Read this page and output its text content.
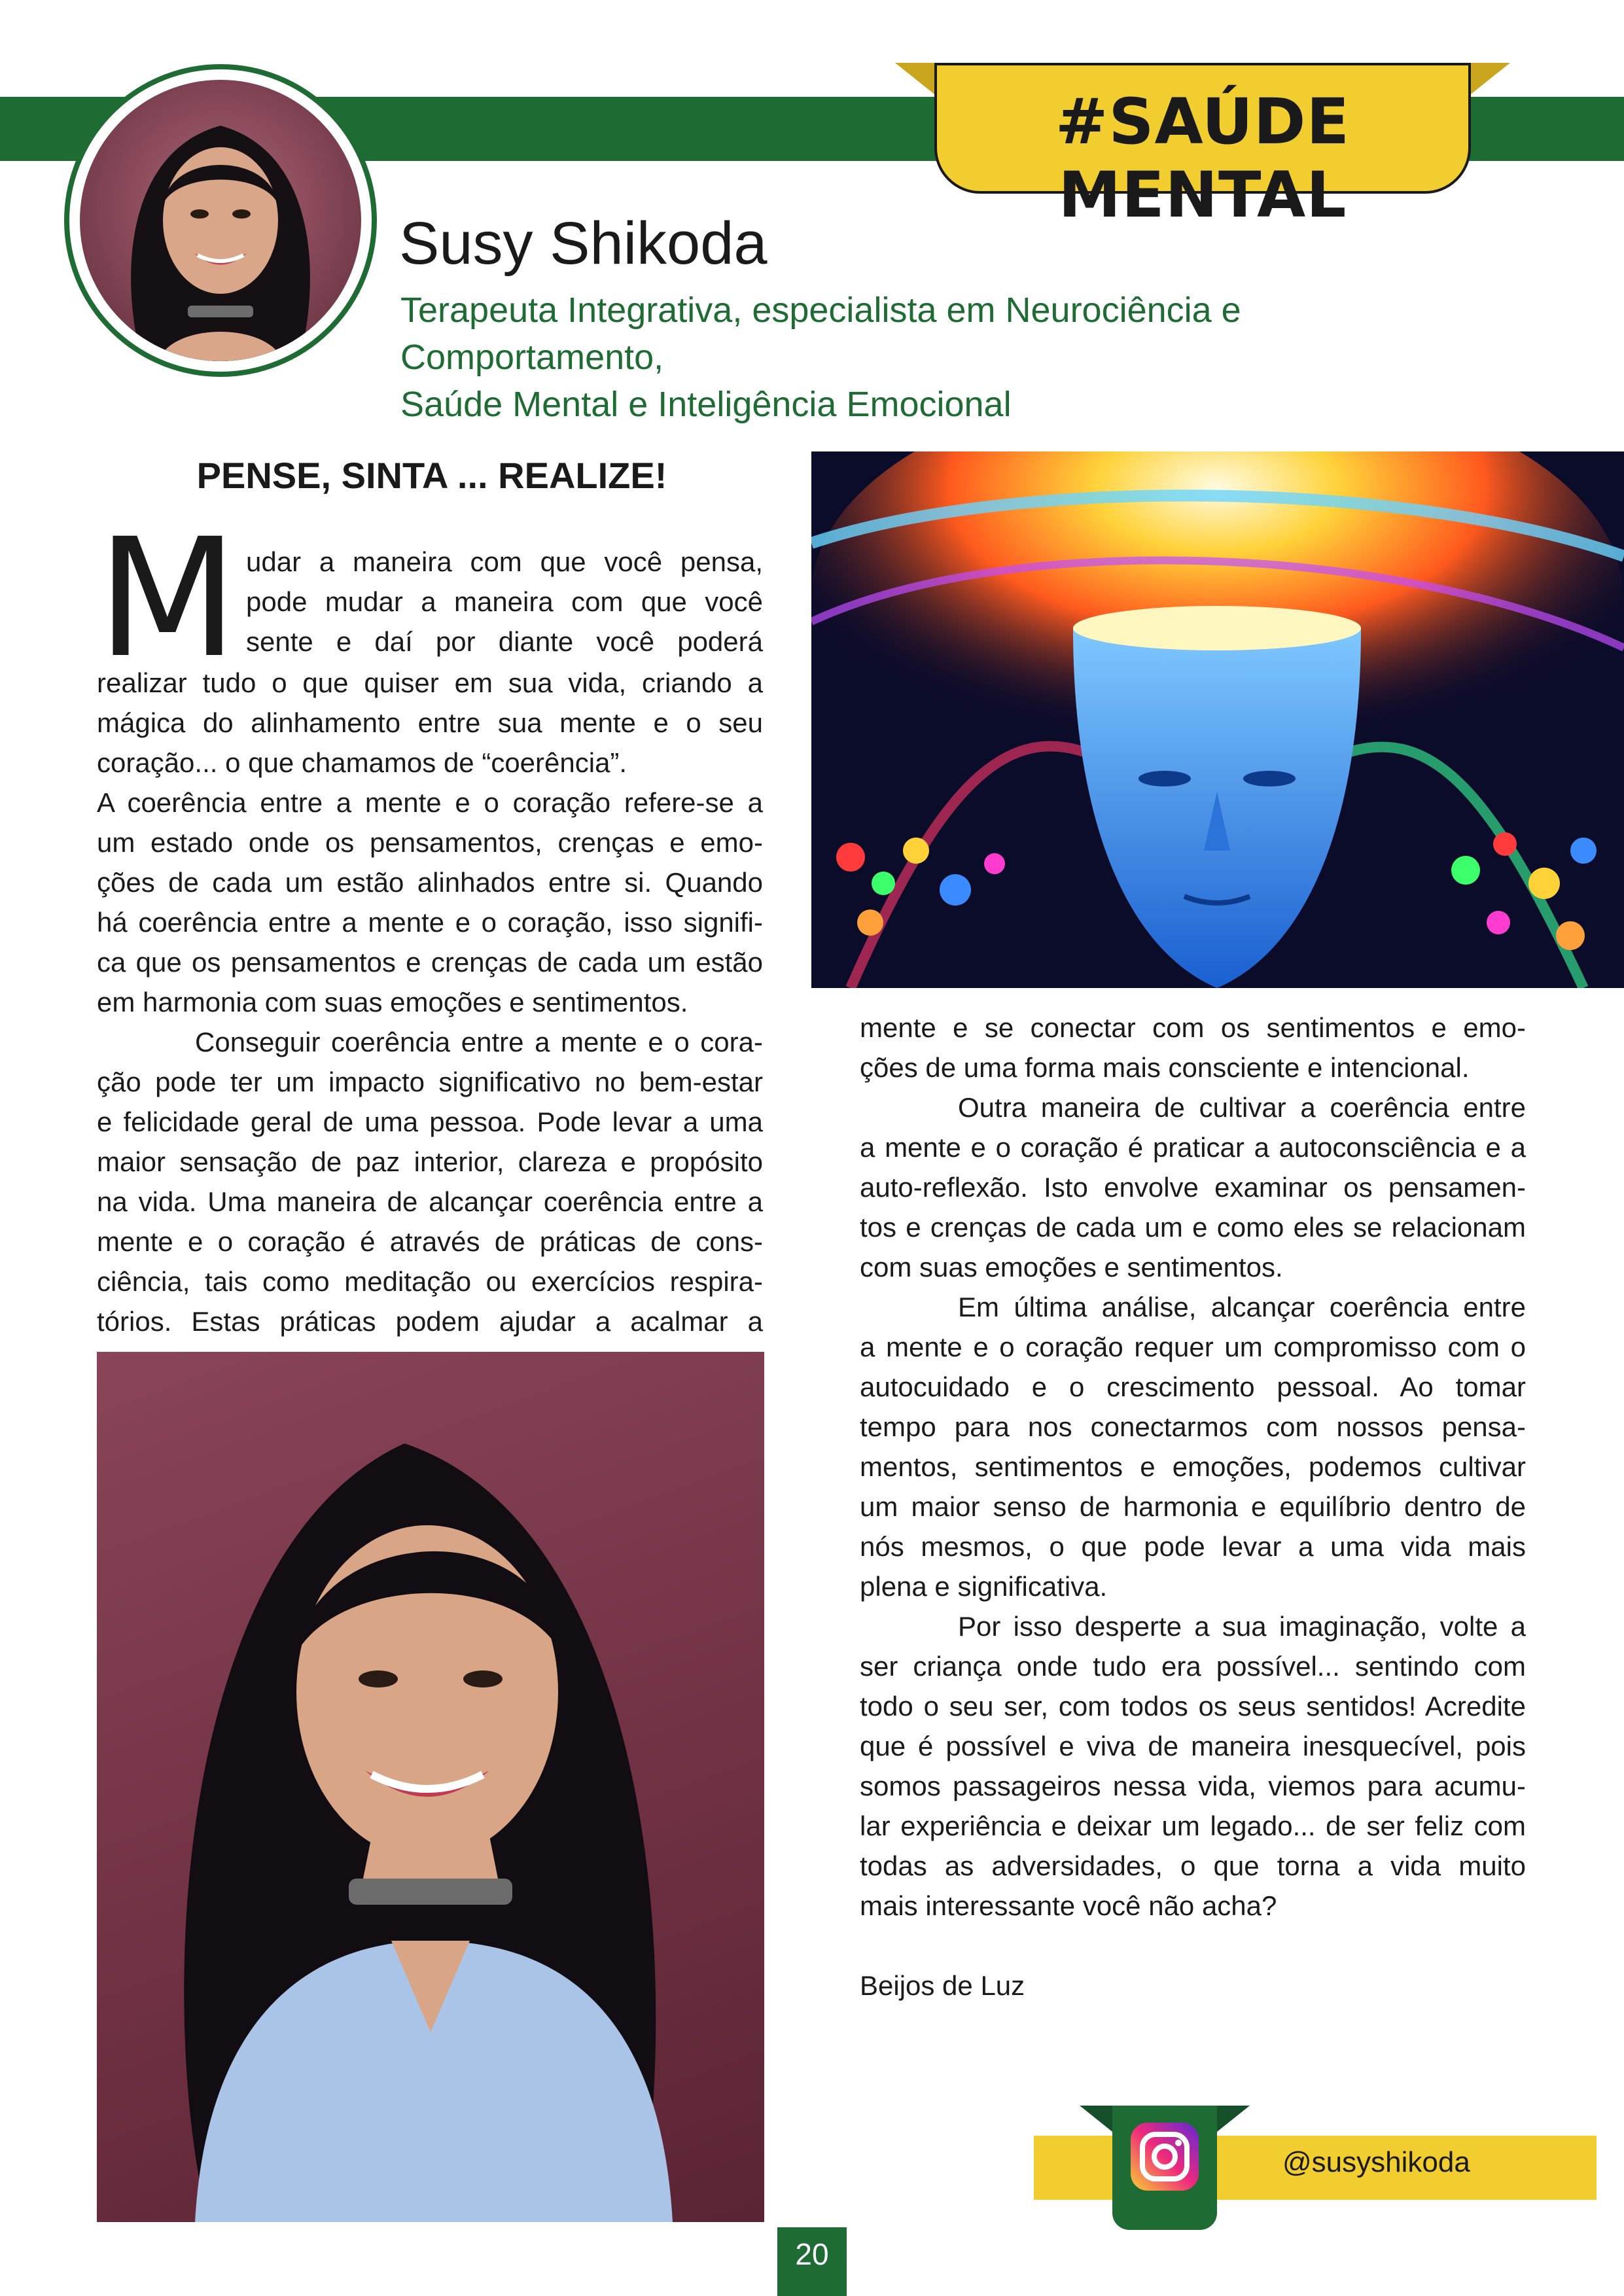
#SAÚDE MENTAL
Susy Shikoda
Terapeuta Integrativa, especialista em Neurociência e Comportamento,
Saúde Mental e Inteligência Emocional
PENSE, SINTA ... REALIZE!
M udar a maneira com que você pensa,
pode mudar a maneira com que você
sente e daí por diante você poderá
realizar tudo o que quiser em sua vida, criando a
mágica do alinhamento entre sua mente e o seu
coração... o que chamamos de “coerência”.
A coerência entre a mente e o coração refere-se a
um estado onde os pensamentos, crenças e emo-
ções de cada um estão alinhados entre si. Quando
há coerência entre a mente e o coração, isso signifi-
ca que os pensamentos e crenças de cada um estão
em harmonia com suas emoções e sentimentos.
Conseguir coerência entre a mente e o cora-
ção pode ter um impacto significativo no bem-estar
e felicidade geral de uma pessoa. Pode levar a uma
maior sensação de paz interior, clareza e propósito
na vida. Uma maneira de alcançar coerência entre a
mente e o coração é através de práticas de cons-
ciência, tais como meditação ou exercícios respira-
tórios. Estas práticas podem ajudar a acalmar a
mente e se conectar com os sentimentos e emo-
ções de uma forma mais consciente e intencional.
Outra maneira de cultivar a coerência entre
a mente e o coração é praticar a autoconsciência e a
auto-reflexão. Isto envolve examinar os pensamen-
tos e crenças de cada um e como eles se relacionam
com suas emoções e sentimentos.
Em última análise, alcançar coerência entre
a mente e o coração requer um compromisso com o
autocuidado e o crescimento pessoal. Ao tomar
tempo para nos conectarmos com nossos pensa-
mentos, sentimentos e emoções, podemos cultivar
um maior senso de harmonia e equilíbrio dentro de
nós mesmos, o que pode levar a uma vida mais
plena e significativa.
Por isso desperte a sua imaginação, volte a
ser criança onde tudo era possível... sentindo com
todo o seu ser, com todos os seus sentidos! Acredite
que é possível e viva de maneira inesquecível, pois
somos passageiros nessa vida, viemos para acumu-
lar experiência e deixar um legado... de ser feliz com
todas as adversidades, o que torna a vida muito
mais interessante você não acha?
Beijos de Luz
@susyshikoda
20
